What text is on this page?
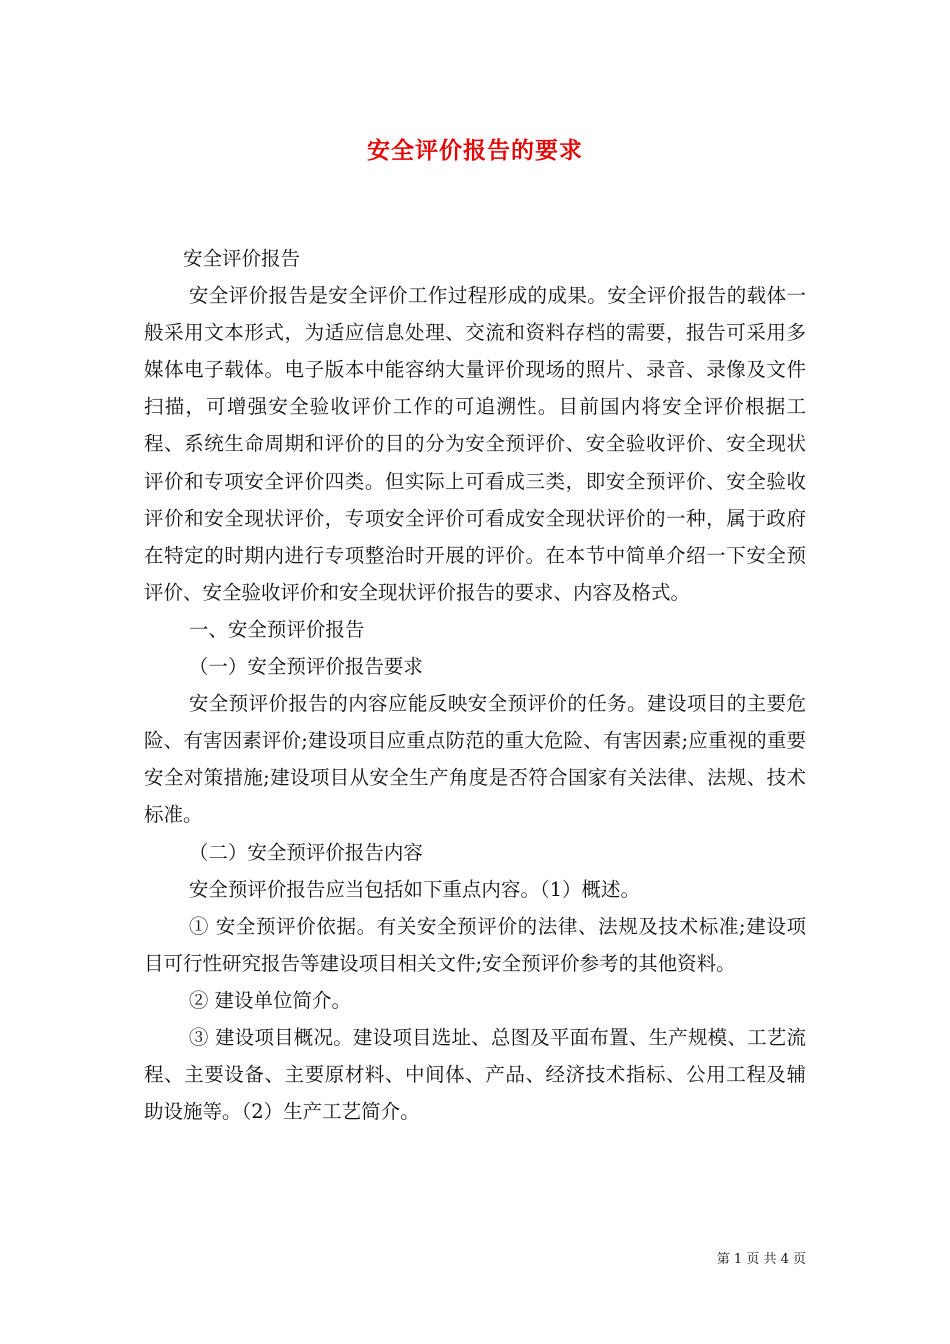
安全评价报告的要求

安全评价报告

安全评价报告是安全评价工作过程形成的成果。安全评价报告的载体一般采用文本形式，为适应信息处理、交流和资料存档的需要，报告可采用多媒体电子载体。电子版本中能容纳大量评价现场的照片、录音、录像及文件扫描，可增强安全验收评价工作的可追溯性。目前国内将安全评价根据工程、系统生命周期和评价的目的分为安全预评价、安全验收评价、安全现状评价和专项安全评价四类。但实际上可看成三类，即安全预评价、安全验收评价和安全现状评价，专项安全评价可看成安全现状评价的一种，属于政府在特定的时期内进行专项整治时开展的评价。在本节中简单介绍一下安全预评价、安全验收评价和安全现状评价报告的要求、内容及格式。

一、安全预评价报告

（一）安全预评价报告要求

安全预评价报告的内容应能反映安全预评价的任务。建设项目的主要危险、有害因素评价;建设项目应重点防范的重大危险、有害因素;应重视的重要安全对策措施;建设项目从安全生产角度是否符合国家有关法律、法规、技术标准。

（二）安全预评价报告内容

安全预评价报告应当包括如下重点内容。（1）概述。

① 安全预评价依据。有关安全预评价的法律、法规及技术标准;建设项目可行性研究报告等建设项目相关文件;安全预评价参考的其他资料。

② 建设单位简介。

③ 建设项目概况。建设项目选址、总图及平面布置、生产规模、工艺流程、主要设备、主要原材料、中间体、产品、经济技术指标、公用工程及辅助设施等。（2）生产工艺简介。

第 1 页 共 4 页
